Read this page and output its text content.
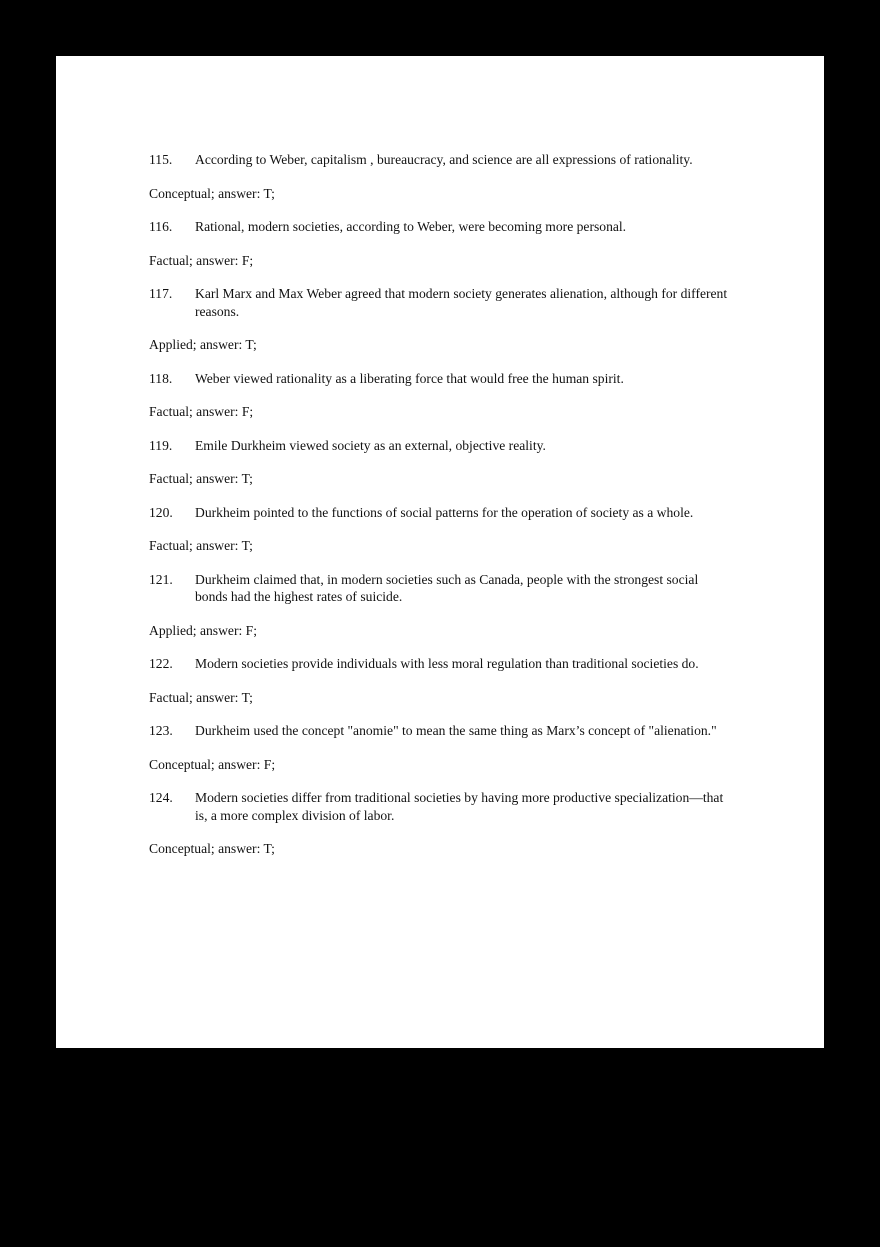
115. According to Weber, capitalism , bureaucracy, and science are all expressions of rationality.

Conceptual; answer: T;

116. Rational, modern societies, according to Weber, were becoming more personal.

Factual; answer: F;

117. Karl Marx and Max Weber agreed that modern society generates alienation, although for different reasons.

Applied; answer: T;

118. Weber viewed rationality as a liberating force that would free the human spirit.

Factual; answer: F;

119. Emile Durkheim viewed society as an external, objective reality.

Factual; answer: T;

120. Durkheim pointed to the functions of social patterns for the operation of society as a whole.

Factual; answer: T;

121. Durkheim claimed that, in modern societies such as Canada, people with the strongest social bonds had the highest rates of suicide.

Applied; answer: F;

122. Modern societies provide individuals with less moral regulation than traditional societies do.

Factual; answer: T;

123. Durkheim used the concept "anomie" to mean the same thing as Marx’s concept of "alienation."

Conceptual; answer: F;

124. Modern societies differ from traditional societies by having more productive specialization—that is, a more complex division of labor.

Conceptual; answer: T;
